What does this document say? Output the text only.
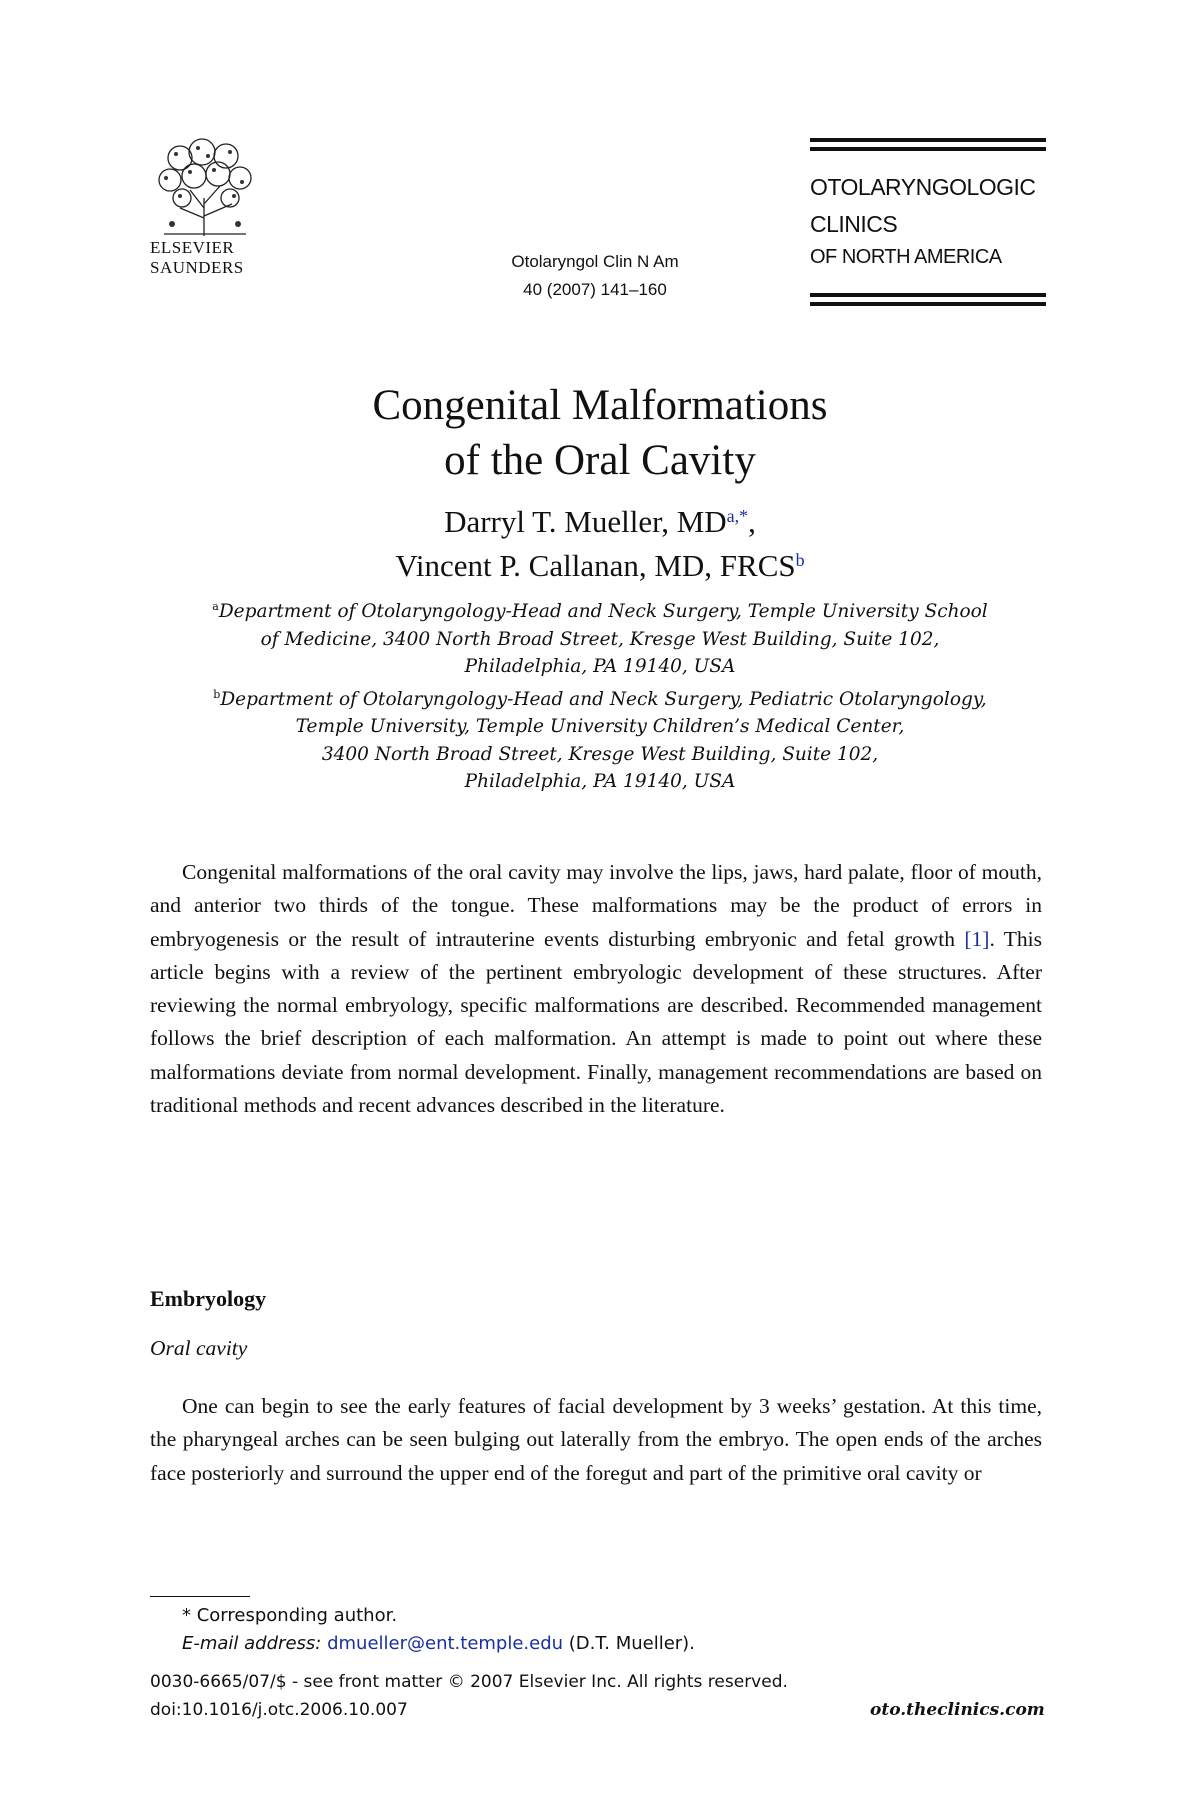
ELSEVIER
SAUNDERS	Otolaryngol Clin N Am
40 (2007) 141–160
OTOLARYNGOLOGIC
CLINICS
OF NORTH AMERICA
Congenital Malformations
of the Oral Cavity
Darryl T. Mueller, $MD^{a,*}$,
Vincent P. Callanan, MD, FRCS$^b$
$^a$Department of Otolaryngology-Head and Neck Surgery, Temple University School
of Medicine, 3400 North Broad Street, Kresge West Building, Suite 102,
Philadelphia, PA 19140, USA
$^b$Department of Otolaryngology-Head and Neck Surgery, Pediatric Otolaryngology,
Temple University, Temple University Children’s Medical Center,
3400 North Broad Street, Kresge West Building, Suite 102,
Philadelphia, PA 19140, USA
Congenital malformations of the oral cavity may involve the lips, jaws, hard palate, floor of mouth, and anterior two thirds of the tongue. These malformations may be the product of errors in embryogenesis or the result of intrauterine events disturbing embryonic and fetal growth [1]. This article begins with a review of the pertinent embryologic development of these structures. After reviewing the normal embryology, specific malformations are described. Recommended management follows the brief description of each malformation. An attempt is made to point out where these malformations deviate from normal development. Finally, management recommendations are based on traditional methods and recent advances described in the literature.
Embryology
Oral cavity
One can begin to see the early features of facial development by 3 weeks’ gestation. At this time, the pharyngeal arches can be seen bulging out laterally from the embryo. The open ends of the arches face posteriorly and surround the upper end of the foregut and part of the primitive oral cavity or
* Corresponding author.
E-mail address: dmueller@ent.temple.edu (D.T. Mueller).
0030-6665/07/$ - see front matter © 2007 Elsevier Inc. All rights reserved.
doi:10.1016/j.otc.2006.10.007	oto.theclinics.com
